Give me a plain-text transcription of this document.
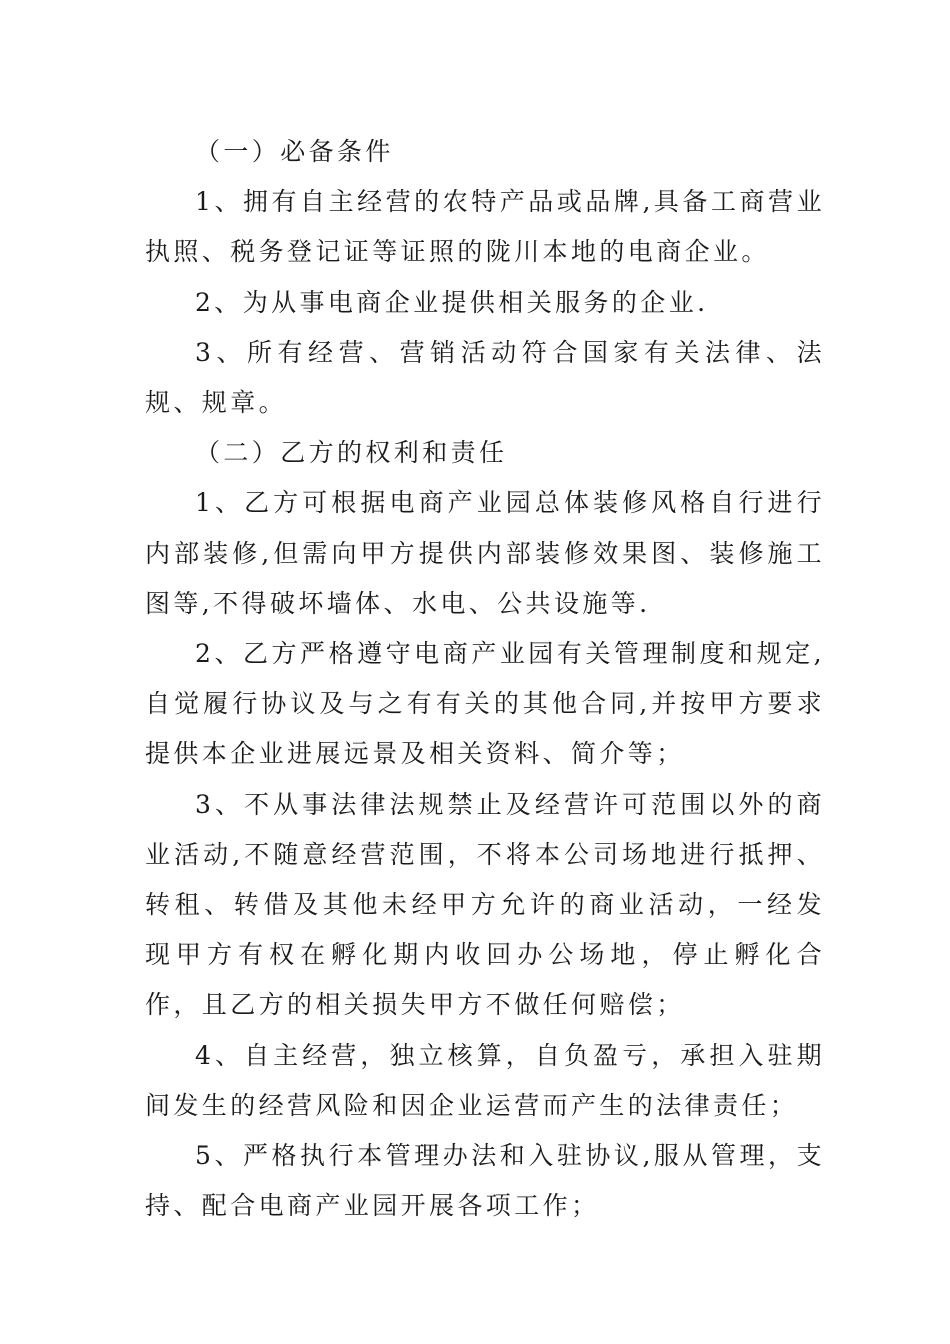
（一）必备条件

1、拥有自主经营的农特产品或品牌,具备工商营业执照、税务登记证等证照的陇川本地的电商企业。

2、为从事电商企业提供相关服务的企业.

3、所有经营、营销活动符合国家有关法律、法规、规章。

（二）乙方的权利和责任

1、乙方可根据电商产业园总体装修风格自行进行内部装修,但需向甲方提供内部装修效果图、装修施工图等,不得破坏墙体、水电、公共设施等.

2、乙方严格遵守电商产业园有关管理制度和规定,自觉履行协议及与之有有关的其他合同,并按甲方要求提供本企业进展远景及相关资料、简介等；

3、不从事法律法规禁止及经营许可范围以外的商业活动,不随意经营范围，不将本公司场地进行抵押、转租、转借及其他未经甲方允许的商业活动，一经发现甲方有权在孵化期内收回办公场地，停止孵化合作，且乙方的相关损失甲方不做任何赔偿；

4、自主经营，独立核算，自负盈亏，承担入驻期间发生的经营风险和因企业运营而产生的法律责任；

5、严格执行本管理办法和入驻协议,服从管理，支持、配合电商产业园开展各项工作；
